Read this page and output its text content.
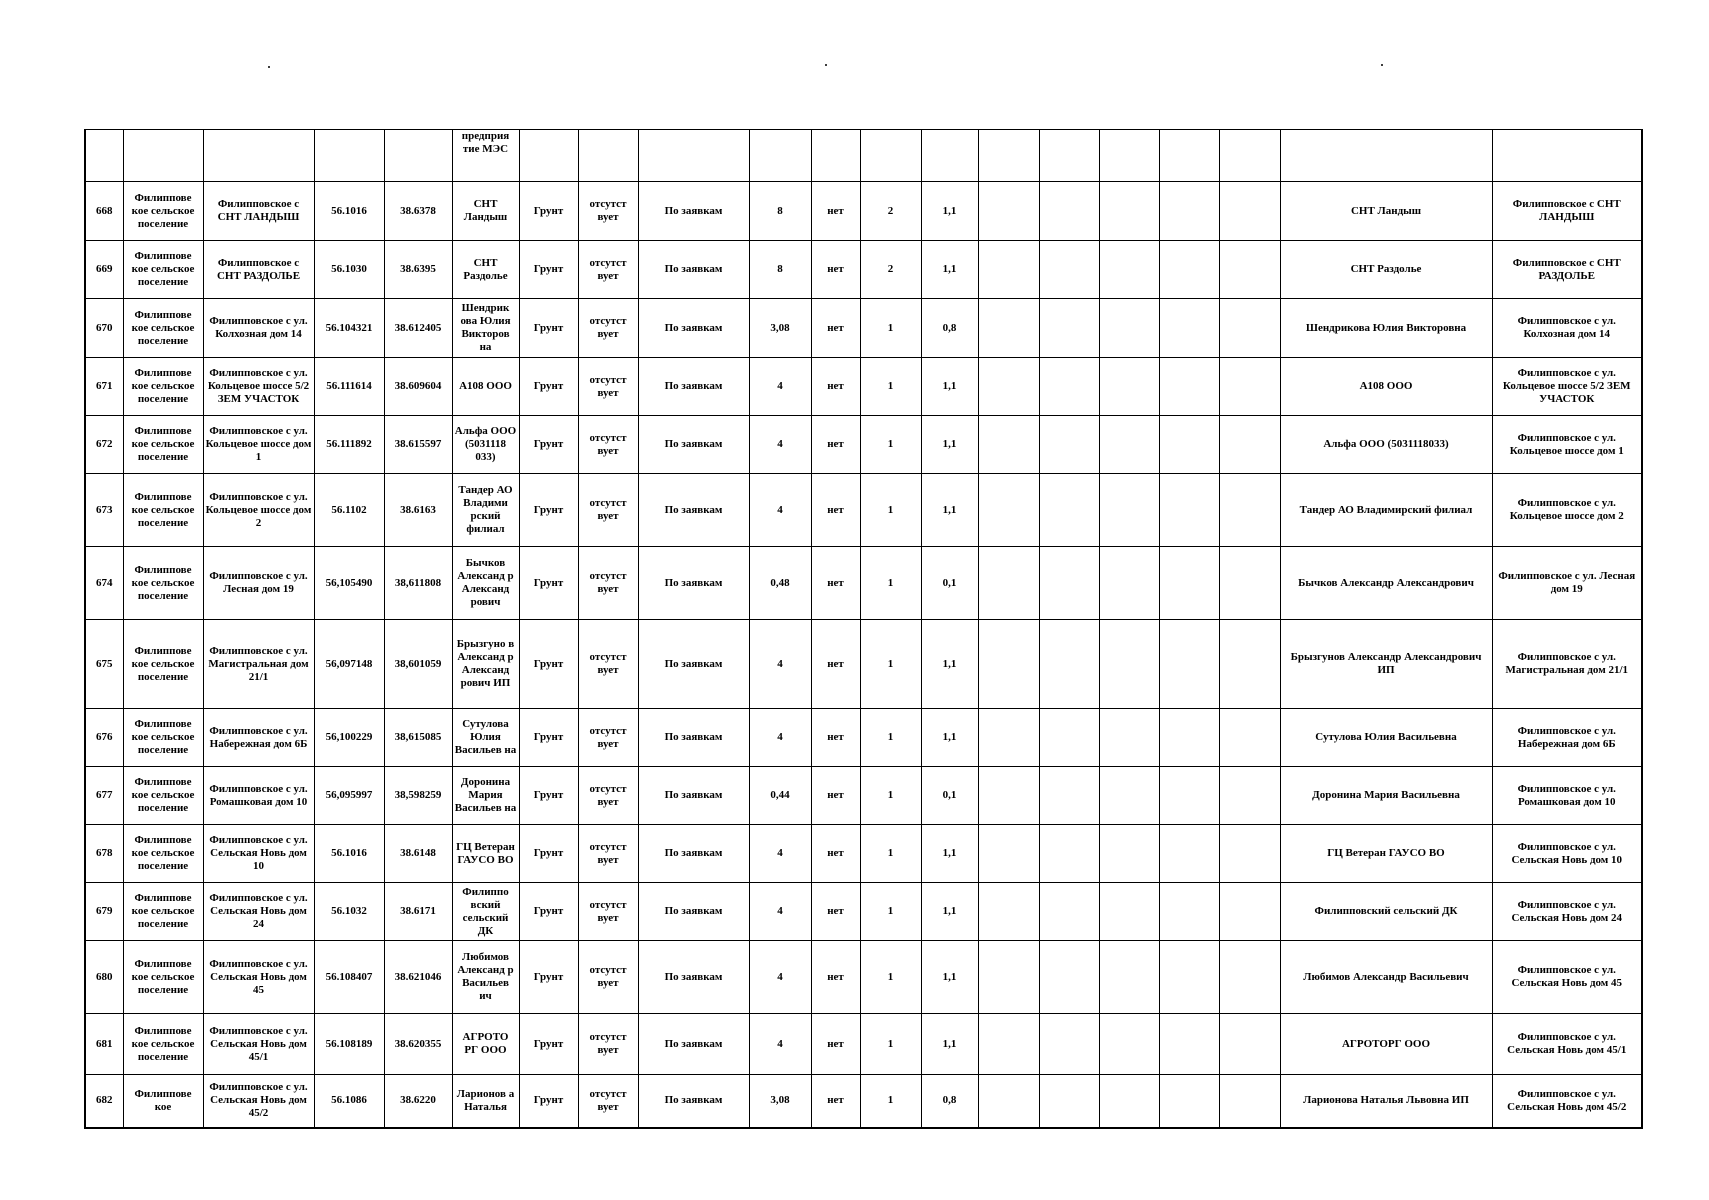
					предприя тие МЭС														
668	Филиппове кое сельское поселение	Филипповское с СНТ ЛАНДЫШ	56.1016	38.6378	СНТ Ландыш	Грунт	отсутст вует	По заявкам	8	нет	2	1,1						СНТ Ландыш	Филипповское с СНТ ЛАНДЫШ
669	Филиппове кое сельское поселение	Филипповское с СНТ РАЗДОЛЬЕ	56.1030	38.6395	СНТ Раздолье	Грунт	отсутст вует	По заявкам	8	нет	2	1,1						СНТ Раздолье	Филипповское с СНТ РАЗДОЛЬЕ
670	Филиппове кое сельское поселение	Филипповское с ул. Колхозная дом 14	56.104321	38.612405	Шендрик ова Юлия Викторов на	Грунт	отсутст вует	По заявкам	3,08	нет	1	0,8						Шендрикова Юлия Викторовна	Филипповское с ул. Колхозная дом 14
671	Филиппове кое сельское поселение	Филипповское с ул. Кольцевое шоссе 5/2 ЗЕМ УЧАСТОК	56.111614	38.609604	А108 ООО	Грунт	отсутст вует	По заявкам	4	нет	1	1,1						А108 ООО	Филипповское с ул. Кольцевое шоссе 5/2 ЗЕМ УЧАСТОК
672	Филиппове кое сельское поселение	Филипповское с ул. Кольцевое шоссе дом 1	56.111892	38.615597	Альфа ООО (5031118 033)	Грунт	отсутст вует	По заявкам	4	нет	1	1,1						Альфа ООО (5031118033)	Филипповское с ул. Кольцевое шоссе дом 1
673	Филиппове кое сельское поселение	Филипповское с ул. Кольцевое шоссе дом 2	56.1102	38.6163	Тандер АО Владими рский филиал	Грунт	отсутст вует	По заявкам	4	нет	1	1,1						Тандер АО Владимирский филиал	Филипповское с ул. Кольцевое шоссе дом 2
674	Филиппове кое сельское поселение	Филипповское с ул. Лесная дом 19	56,105490	38,611808	Бычков Александ р Александ рович	Грунт	отсутст вует	По заявкам	0,48	нет	1	0,1						Бычков Александр Александрович	Филипповское с ул. Лесная дом 19
675	Филиппове кое сельское поселение	Филипповское с ул. Магистральная дом 21/1	56,097148	38,601059	Брызгуно в Александ р Александ рович ИП	Грунт	отсутст вует	По заявкам	4	нет	1	1,1						Брызгунов Александр Александрович ИП	Филипповское с ул. Магистральная дом 21/1
676	Филиппове кое сельское поселение	Филипповское с ул. Набережная дом 6Б	56,100229	38,615085	Сутулова Юлия Васильев на	Грунт	отсутст вует	По заявкам	4	нет	1	1,1						Сутулова Юлия Васильевна	Филипповское с ул. Набережная дом 6Б
677	Филиппове кое сельское поселение	Филипповское с ул. Ромашковая дом 10	56,095997	38,598259	Доронина Мария Васильев на	Грунт	отсутст вует	По заявкам	0,44	нет	1	0,1						Доронина Мария Васильевна	Филипповское с ул. Ромашковая дом 10
678	Филиппове кое сельское поселение	Филипповское с ул. Сельская Новь дом 10	56.1016	38.6148	ГЦ Ветеран ГАУСО ВО	Грунт	отсутст вует	По заявкам	4	нет	1	1,1						ГЦ Ветеран ГАУСО ВО	Филипповское с ул. Сельская Новь дом 10
679	Филиппове кое сельское поселение	Филипповское с ул. Сельская Новь дом 24	56.1032	38.6171	Филиппо вский сельский ДК	Грунт	отсутст вует	По заявкам	4	нет	1	1,1						Филипповский сельский ДК	Филипповское с ул. Сельская Новь дом 24
680	Филиппове кое сельское поселение	Филипповское с ул. Сельская Новь дом 45	56.108407	38.621046	Любимов Александ р Васильев ич	Грунт	отсутст вует	По заявкам	4	нет	1	1,1						Любимов Александр Васильевич	Филипповское с ул. Сельская Новь дом 45
681	Филиппове кое сельское поселение	Филипповское с ул. Сельская Новь дом 45/1	56.108189	38.620355	АГРОТО РГ ООО	Грунт	отсутст вует	По заявкам	4	нет	1	1,1						АГРОТОРГ ООО	Филипповское с ул. Сельская Новь дом 45/1
682	Филиппове кое	Филипповское с ул. Сельская Новь дом 45/2	56.1086	38.6220	Ларионов а Наталья	Грунт	отсутст вует	По заявкам	3,08	нет	1	0,8						Ларионова Наталья Львовна ИП	Филипповское с ул. Сельская Новь дом 45/2
